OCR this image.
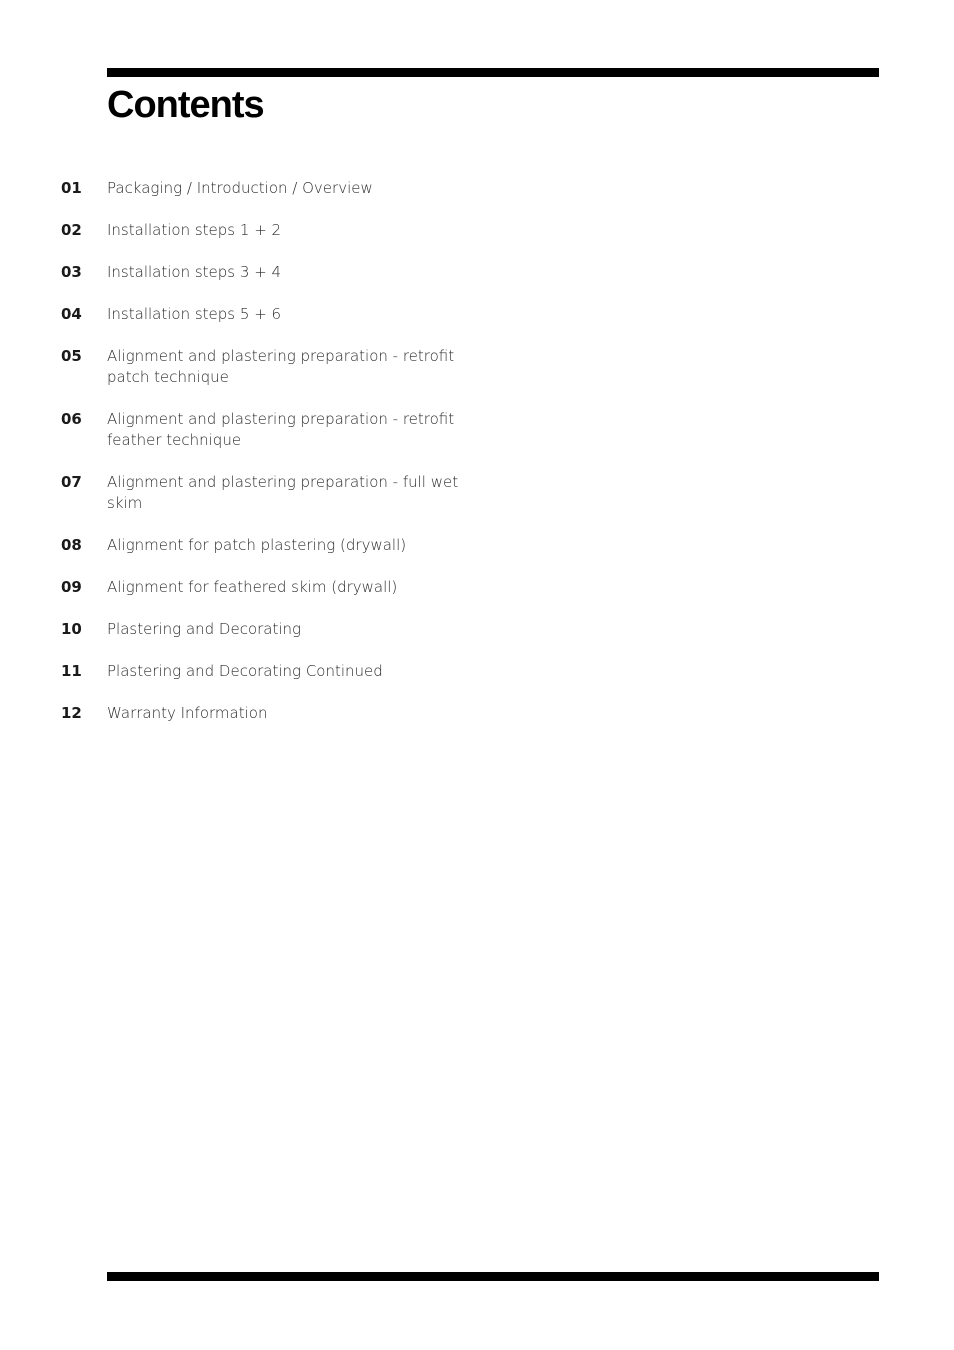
Contents
01	Packaging / Introduction / Overview
02	Installation steps 1 + 2
03	Installation steps 3 + 4
04	Installation steps 5 + 6
05	Alignment and plastering preparation - retrofit patch technique
06	Alignment and plastering preparation - retrofit feather technique
07	Alignment and plastering preparation - full wet skim
08	Alignment for patch plastering (drywall)
09	Alignment for feathered skim (drywall)
10	Plastering and Decorating
11	Plastering and Decorating Continued
12	Warranty Information
